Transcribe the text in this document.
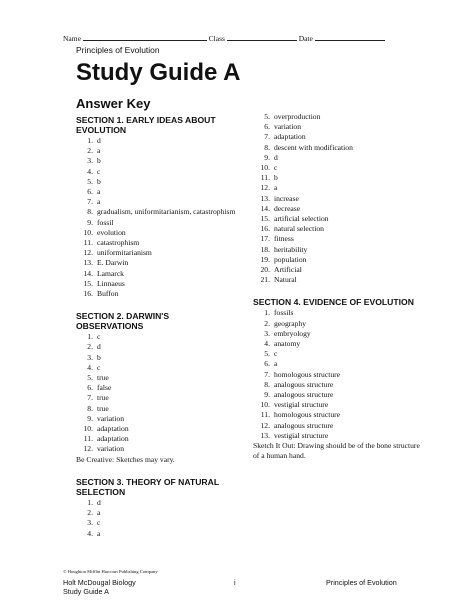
Name	Class	Date
Principles of Evolution
Study Guide A
Answer Key
SECTION 1. EARLY IDEAS ABOUT EVOLUTION
1. d
2. a
3. b
4. c
5. b
6. a
7. a
8. gradualism, uniformitarianism, catastrophism
9. fossil
10. evolution
11. catastrophism
12. uniformitarianism
13. E. Darwin
14. Lamarck
15. Linnaeus
16. Buffon
SECTION 2. DARWIN'S OBSERVATIONS
1. c
2. d
3. b
4. c
5. true
6. false
7. true
8. true
9. variation
10. adaptation
11. adaptation
12. variation

Be Creative: Sketches may vary.

SECTION 3. THEORY OF NATURAL SELECTION
1. d
2. a
3. c
4. a
5. overproduction
6. variation
7. adaptation
8. descent with modification
9. d
10. c
11. b
12. a
13. increase
14. decrease
15. artificial selection
16. natural selection
17. fitness
18. heritability
19. population
20. Artificial
21. Natural
SECTION 4. EVIDENCE OF EVOLUTION
1. fossils
2. geography
3. embryology
4. anatomy
5. c
6. a
7. homologous structure
8. analogous structure
9. analogous structure
10. vestigial structure
11. homologous structure
12. analogous structure
13. vestigial structure

Sketch It Out: Drawing should be of the bone structure of a human hand.

© Houghton Mifflin Harcourt Publishing Company
Holt McDougal Biology
Study Guide A
i	Principles of Evolution
